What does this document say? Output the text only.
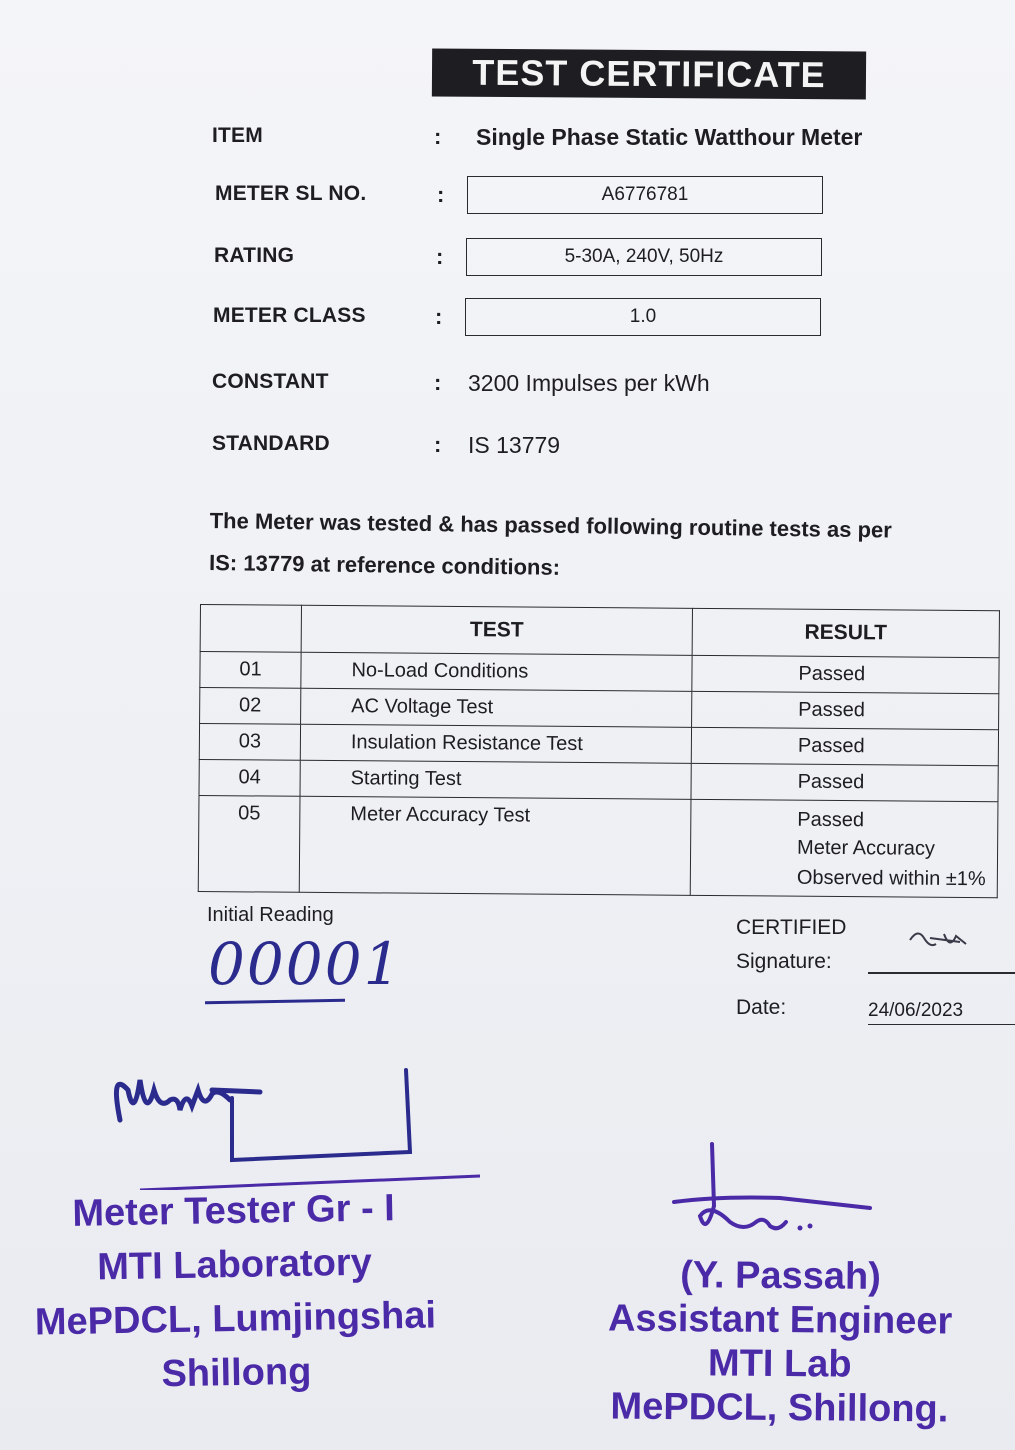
TEST CERTIFICATE
ITEM	: Single Phase Static Watthour Meter
METER SL NO.	:	A6776781
RATING	:	5-30A, 240V, 50Hz
METER CLASS	:	1.0
CONSTANT	: 3200 Impulses per kWh
STANDARD	: IS 13779
The Meter was tested & has passed following routine tests as per
IS: 13779 at reference conditions:
	TEST	RESULT
01	No-Load Conditions	Passed
02	AC Voltage Test	Passed
03	Insulation Resistance Test	Passed
04	Starting Test	Passed
05	Meter Accuracy Test	Passed
Meter Accuracy
Observed within ±1%
Initial Reading
00001
CERTIFIED
Signature:
Date:	24/06/2023
Meter Tester Gr - I
MTI Laboratory
MePDCL, Lumjingshai
Shillong
(Y. Passah)
Assistant Engineer
MTI Lab
MePDCL, Shillong.
